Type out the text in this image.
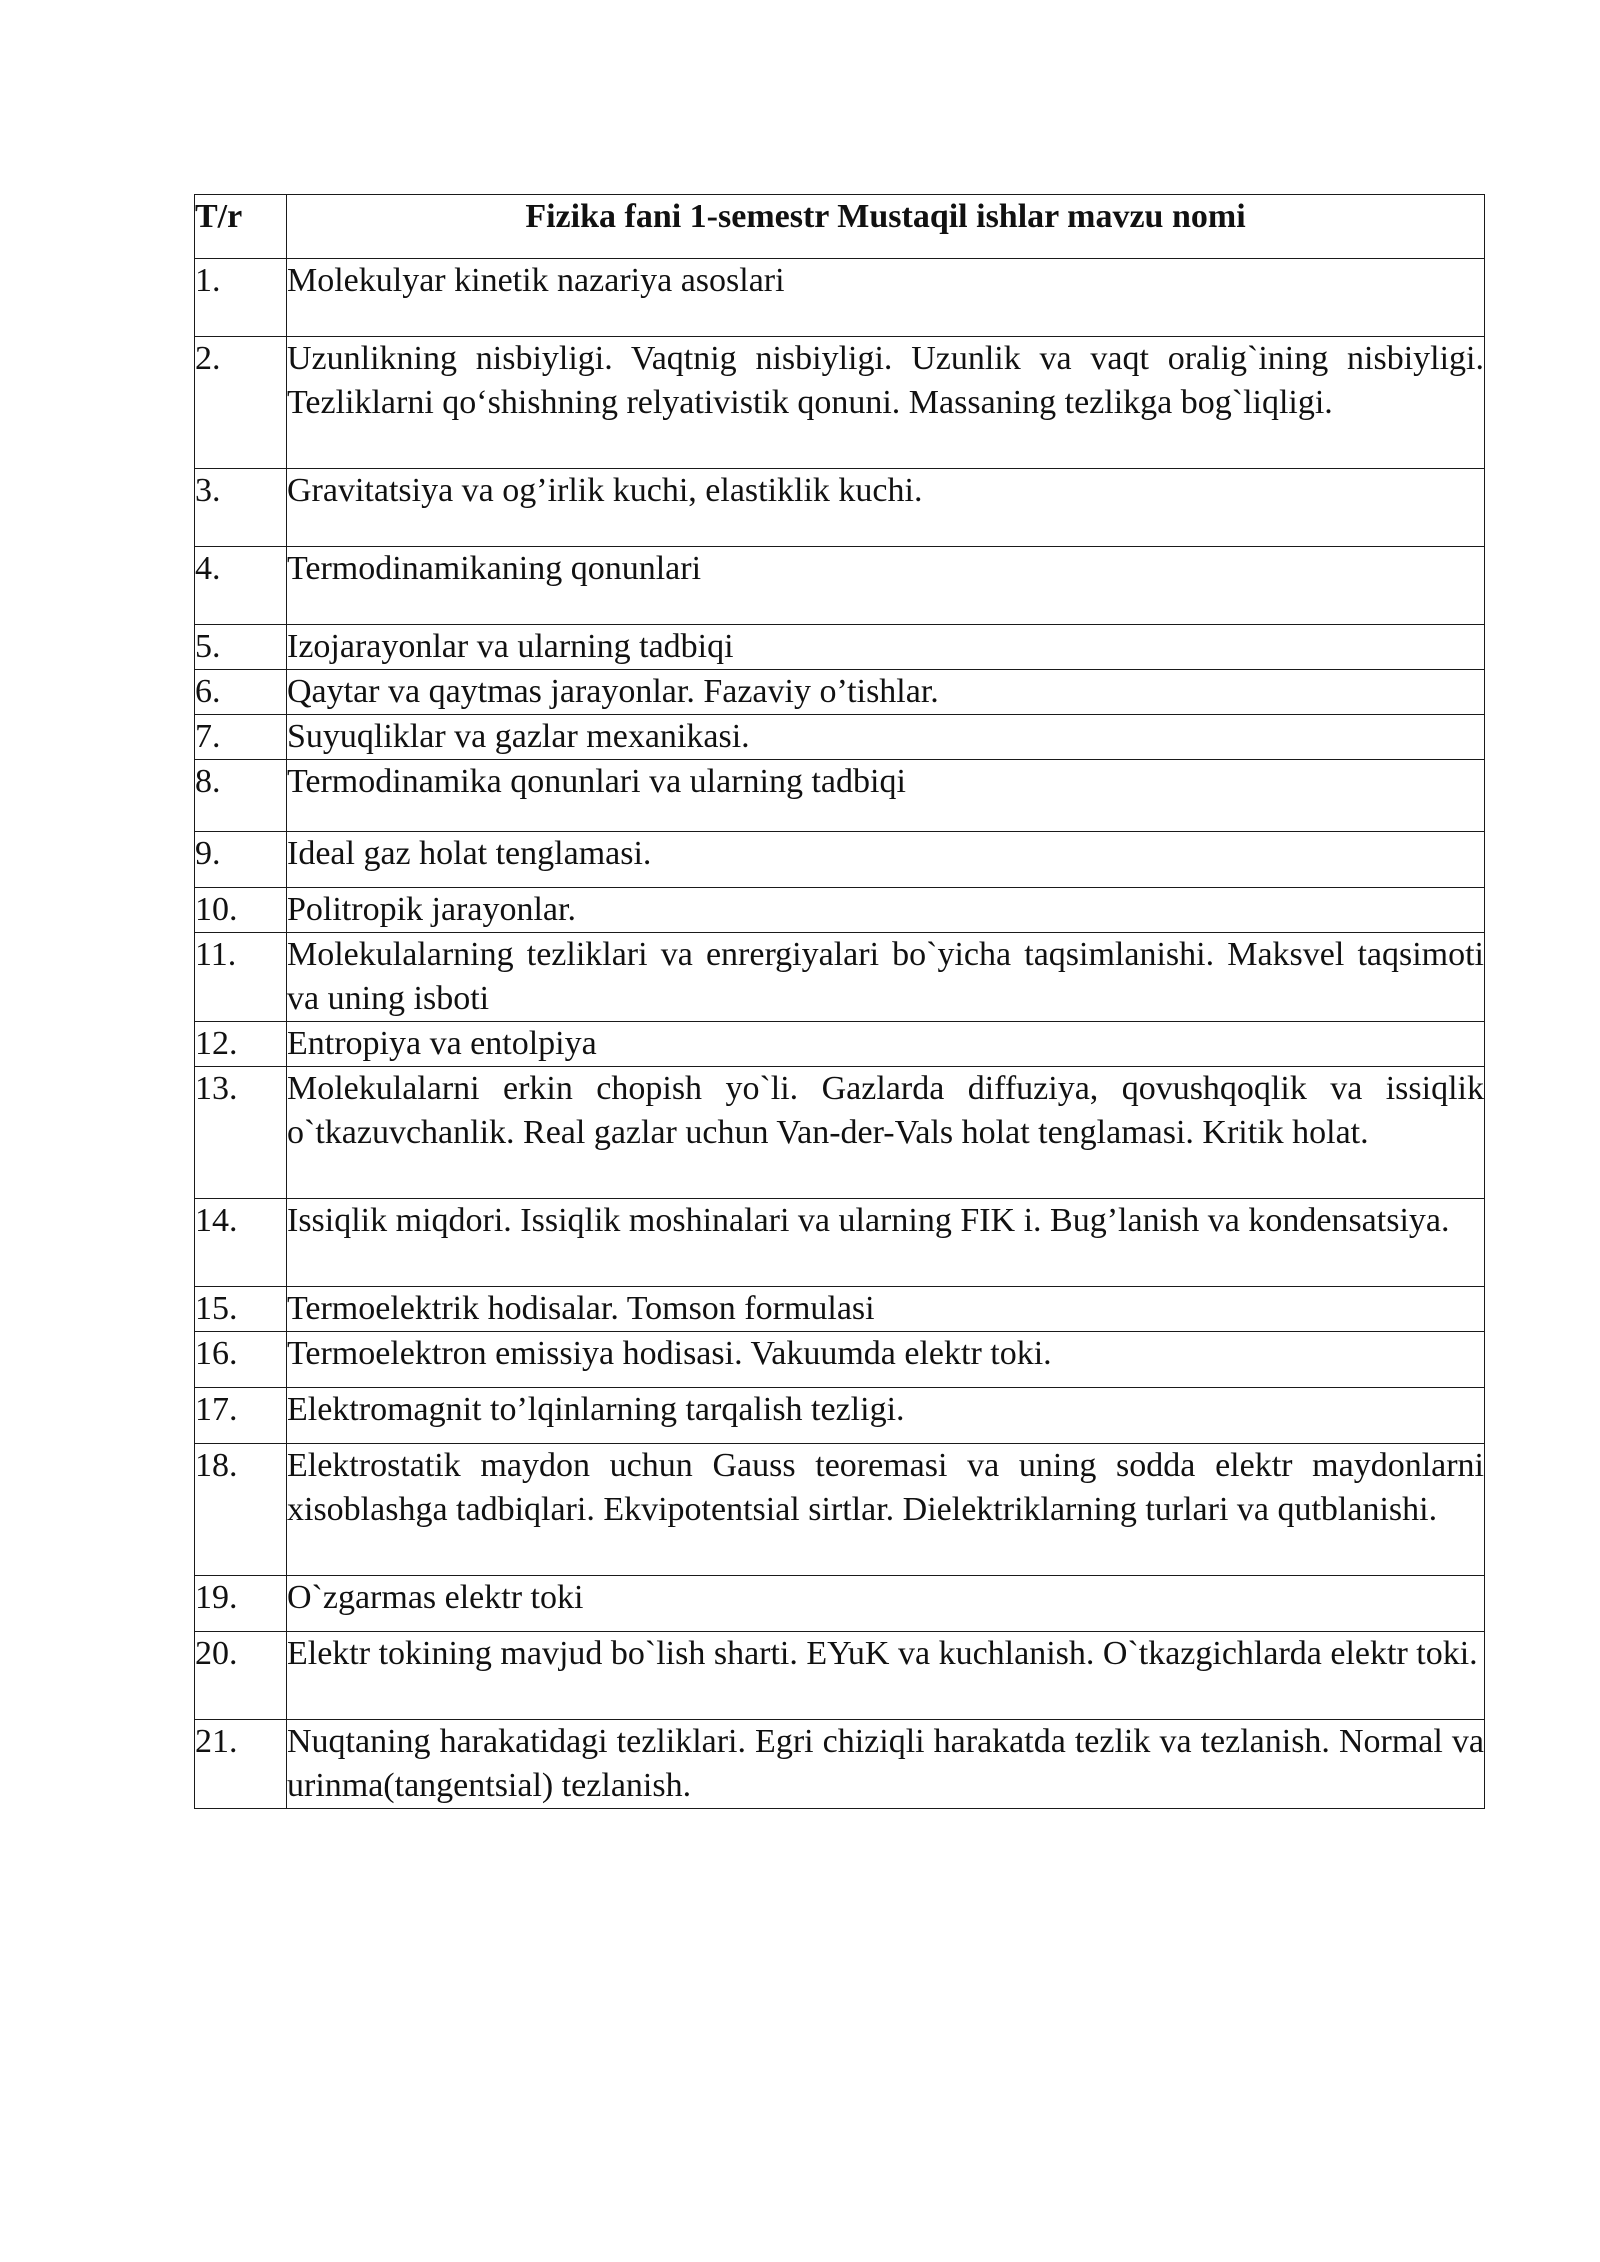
T/r	Fizika fani 1-semestr Mustaqil ishlar mavzu nomi
1.	Molekulyar kinetik nazariya asoslari
2.	Uzunlikning nisbiyligi. Vaqtnig nisbiyligi. Uzunlik va vaqt oralig`ining nisbiyligi. Tezliklarni qo‘shishning relyativistik qonuni. Massaning tezlikga bog`liqligi.
3.	Gravitatsiya va og’irlik kuchi, elastiklik kuchi.
4.	Termodinamikaning qonunlari
5.	Izojarayonlar va ularning tadbiqi
6.	Qaytar va qaytmas jarayonlar. Fazaviy o’tishlar.
7.	Suyuqliklar va gazlar mexanikasi.
8.	Termodinamika qonunlari va ularning tadbiqi
9.	Ideal gaz holat tenglamasi.
10.	Politropik jarayonlar.
11.	Molekulalarning tezliklari va enrergiyalari bo`yicha taqsimlanishi. Maksvel taqsimoti va uning isboti
12.	Entropiya va entolpiya
13.	Molekulalarni erkin chopish yo`li. Gazlarda diffuziya, qovushqoqlik va issiqlik o`tkazuvchanlik. Real gazlar uchun Van-der-Vals holat tenglamasi. Kritik holat.
14.	Issiqlik miqdori. Issiqlik moshinalari va ularning FIK i. Bug’lanish va kondensatsiya.
15.	Termoelektrik hodisalar. Tomson formulasi
16.	Termoelektron emissiya hodisasi. Vakuumda elektr toki.
17.	Elektromagnit to’lqinlarning tarqalish tezligi.
18.	Elektrostatik maydon uchun Gauss teoremasi va uning sodda elektr maydonlarni xisoblashga tadbiqlari. Ekvipotentsial sirtlar. Dielektriklarning turlari va qutblanishi.
19.	O`zgarmas elektr toki
20.	Elektr tokining mavjud bo`lish sharti. EYuK va kuchlanish. O`tkazgichlarda elektr toki.
21.	Nuqtaning harakatidagi tezliklari. Egri chiziqli harakatda tezlik va tezlanish. Normal va urinma(tangentsial) tezlanish.
